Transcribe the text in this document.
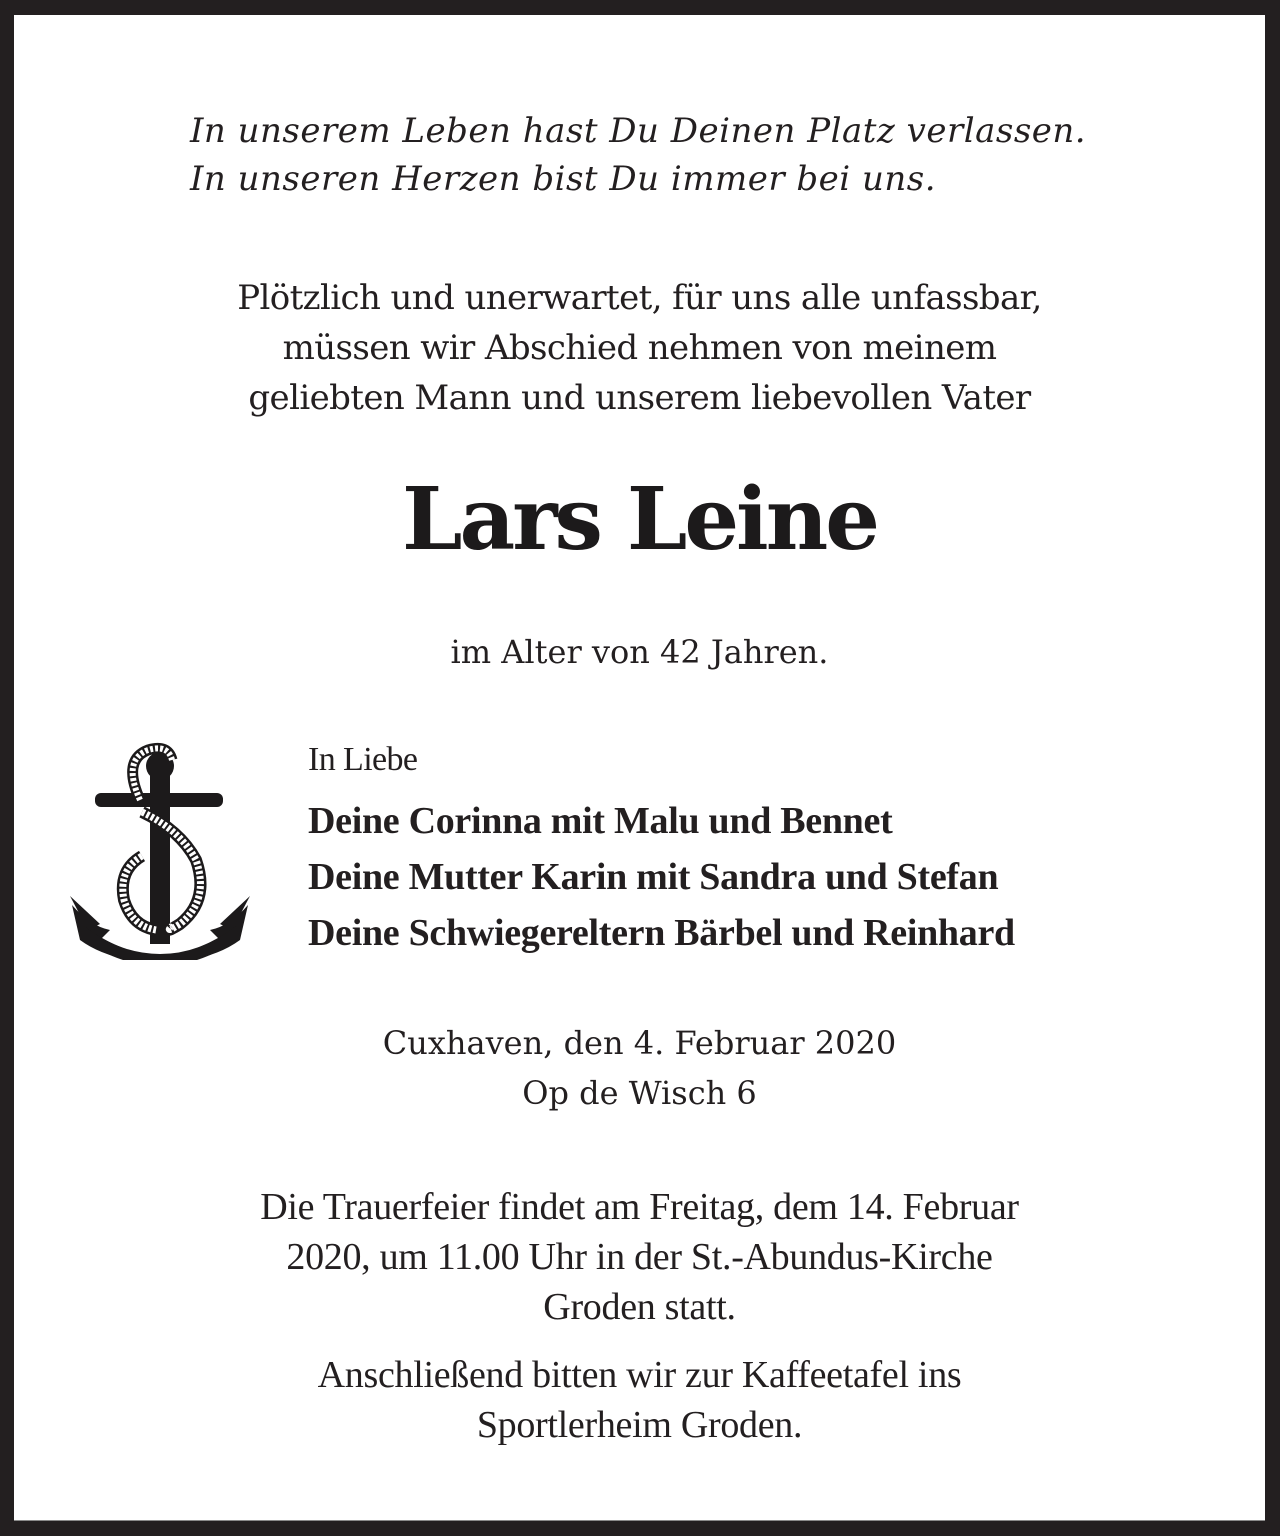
In unserem Leben hast Du Deinen Platz verlassen.
In unseren Herzen bist Du immer bei uns.
Plötzlich und unerwartet, für uns alle unfassbar,
müssen wir Abschied nehmen von meinem
geliebten Mann und unserem liebevollen Vater
Lars Leine
im Alter von 42 Jahren.
In Liebe
Deine Corinna mit Malu und Bennet
Deine Mutter Karin mit Sandra und Stefan
Deine Schwiegereltern Bärbel und Reinhard
Cuxhaven, den 4. Februar 2020
Op de Wisch 6
Die Trauerfeier findet am Freitag, dem 14. Februar
2020, um 11.00 Uhr in der St.-Abundus-Kirche
Groden statt.
Anschließend bitten wir zur Kaffeetafel ins
Sportlerheim Groden.
